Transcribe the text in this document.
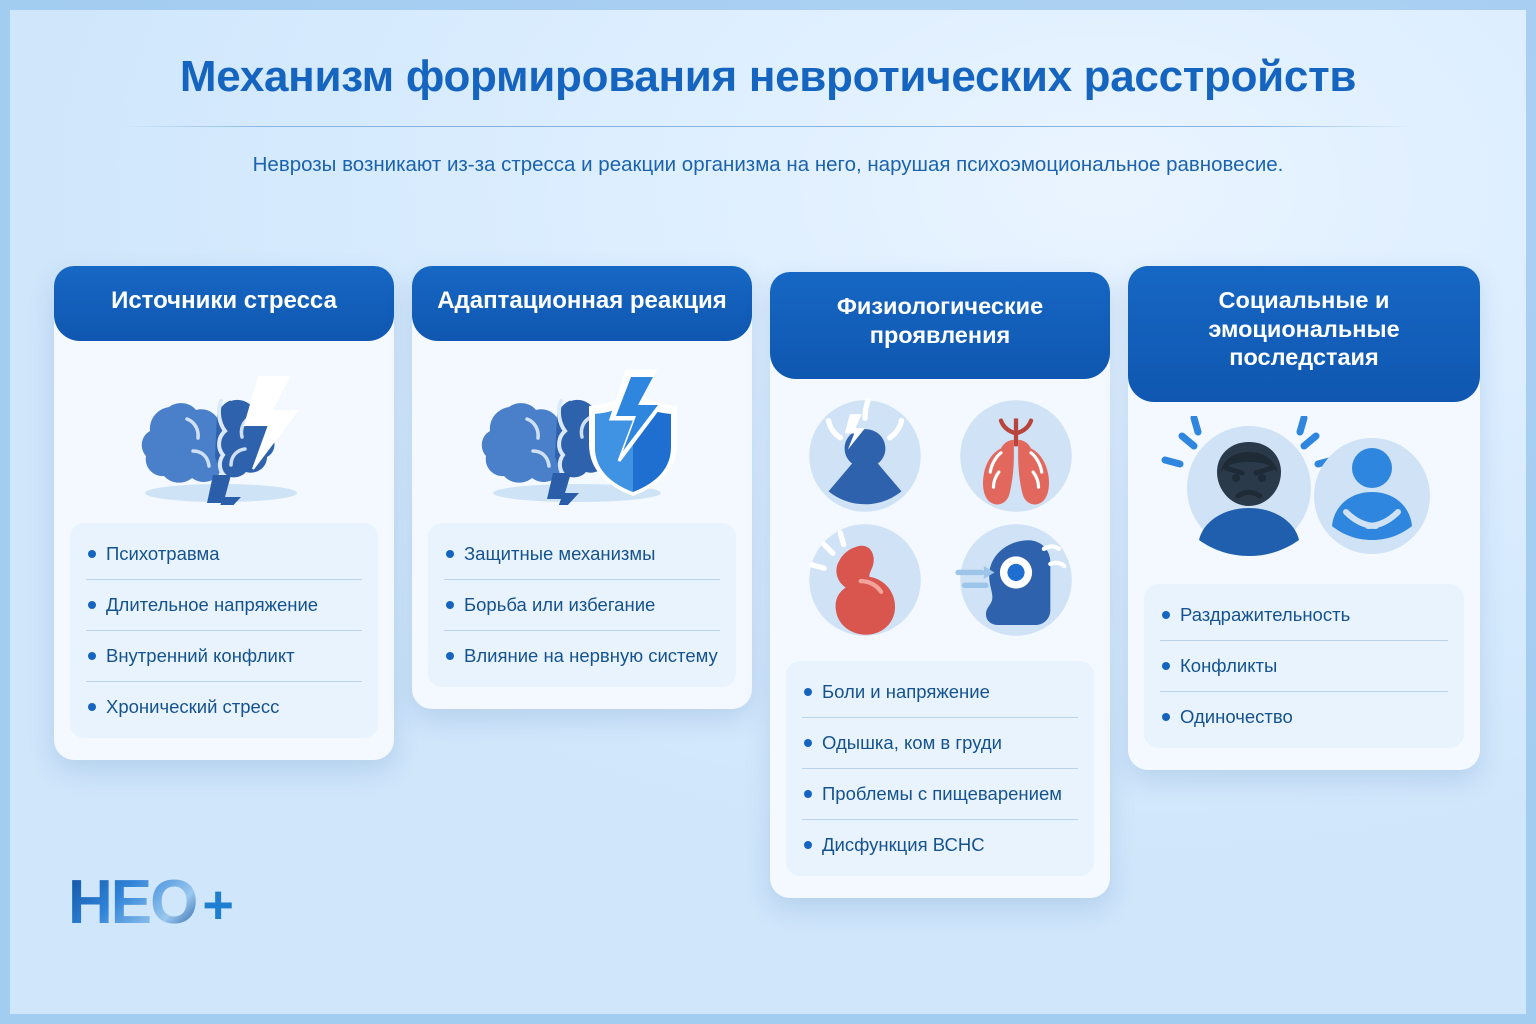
Механизм формирования невротических расстройств
Неврозы возникают из-за стресса и реакции организма на него, нарушая психоэмоциональное равновесие.
Источники стресса
Психотравма
Длительное напряжение
Внутренний конфликт
Хронический стресс
Адаптационная реакция
Защитные механизмы
Борьба или избегание
Влияние на нервную систему
Физиологические проявления
Боли и напряжение
Одышка, ком в груди
Проблемы с пищеварением
Дисфункция ВСНС
Социальные и эмоциональные последстаия
Раздражительность
Конфликты
Одиночество
HEO +
